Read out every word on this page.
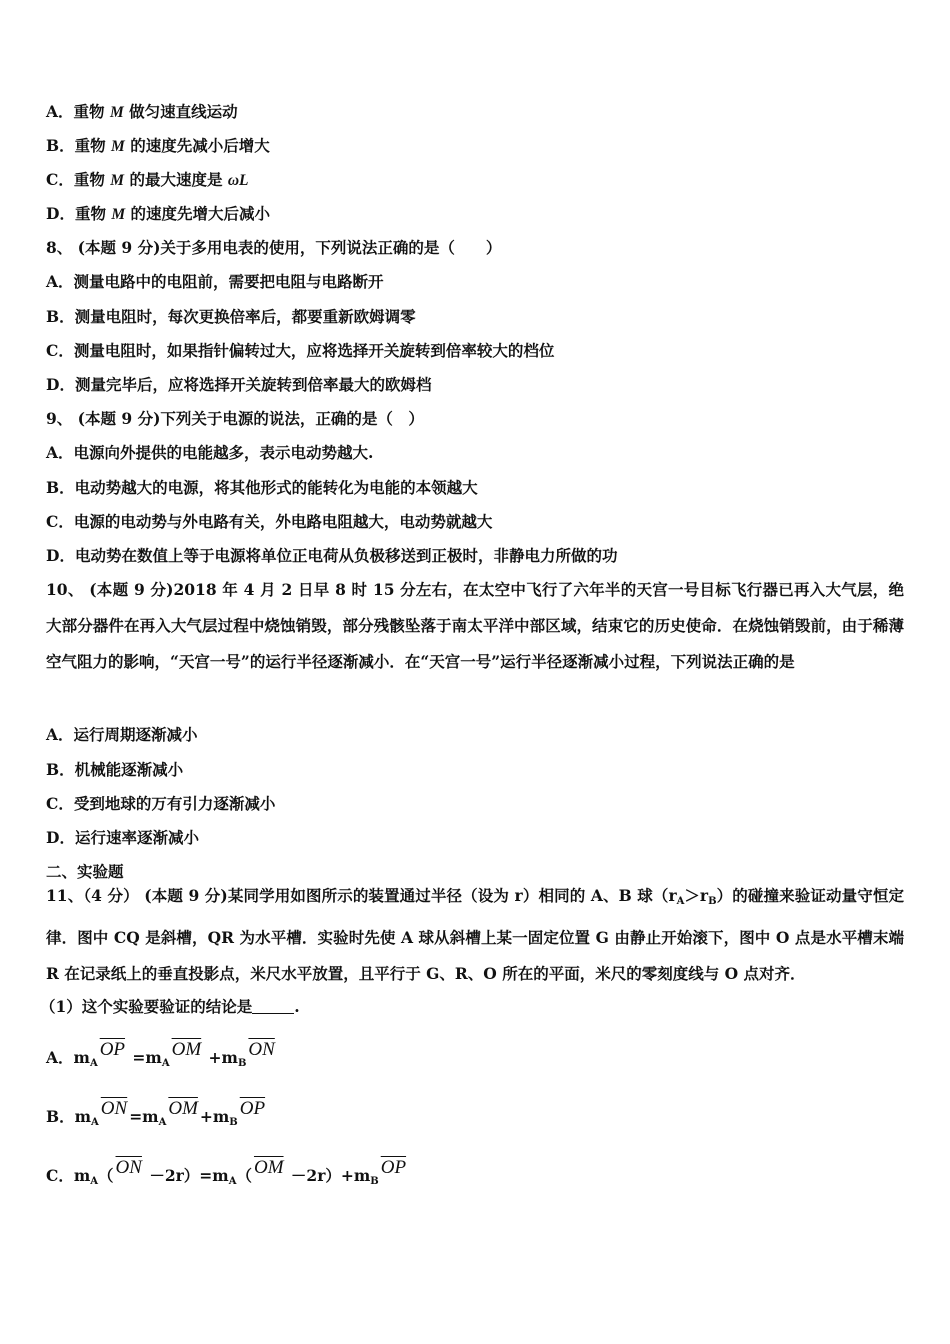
A．重物 M 做匀速直线运动
B．重物 M 的速度先减小后增大
C．重物 M 的最大速度是 ωL
D．重物 M 的速度先增大后减小
8、 (本题 9 分)关于多用电表的使用，下列说法正确的是（　　）
A．测量电路中的电阻前，需要把电阻与电路断开
B．测量电阻时，每次更换倍率后，都要重新欧姆调零
C．测量电阻时，如果指针偏转过大，应将选择开关旋转到倍率较大的档位
D．测量完毕后，应将选择开关旋转到倍率最大的欧姆档
9、 (本题 9 分)下列关于电源的说法，正确的是（　）
A．电源向外提供的电能越多，表示电动势越大.
B．电动势越大的电源，将其他形式的能转化为电能的本领越大
C．电源的电动势与外电路有关，外电路电阻越大，电动势就越大
D．电动势在数值上等于电源将单位正电荷从负极移送到正极时，非静电力所做的功
10、 (本题 9 分)2018 年 4 月 2 日早 8 时 15 分左右，在太空中飞行了六年半的天宫一号目标飞行器已再入大气层，绝大部分器件在再入大气层过程中烧蚀销毁，部分残骸坠落于南太平洋中部区域，结束它的历史使命．在烧蚀销毁前，由于稀薄空气阻力的影响，“天宫一号”的运行半径逐渐减小．在“天宫一号”运行半径逐渐减小过程，下列说法正确的是
A．运行周期逐渐减小
B．机械能逐渐减小
C．受到地球的万有引力逐渐减小
D．运行速率逐渐减小
二、实验题
11、（4 分） (本题 9 分)某同学用如图所示的装置通过半径（设为 r）相同的 A、B 球$(r_A>r_B)$的碰撞来验证动量守恒定律．图中 CQ 是斜槽，QR 为水平槽．实验时先使 A 球从斜槽上某一固定位置 G 由静止开始滚下，图中 O 点是水平槽末端 R 在记录纸上的垂直投影点，米尺水平放置，且平行于 G、R、O 所在的平面，米尺的零刻度线与 O 点对齐．
（1）这个实验要验证的结论是	.
A．$m_A\overline{OP} =m_A\overline{OM} +m_B\overline{ON}$
B．$m_A\overline{ON} =m_A\overline{OM} +m_B\overline{OP}$
C．$m_A$（ $\overline{ON} -2r)=m_A$（ $\overline{OM} -2r)+m_B\overline{OP}$
